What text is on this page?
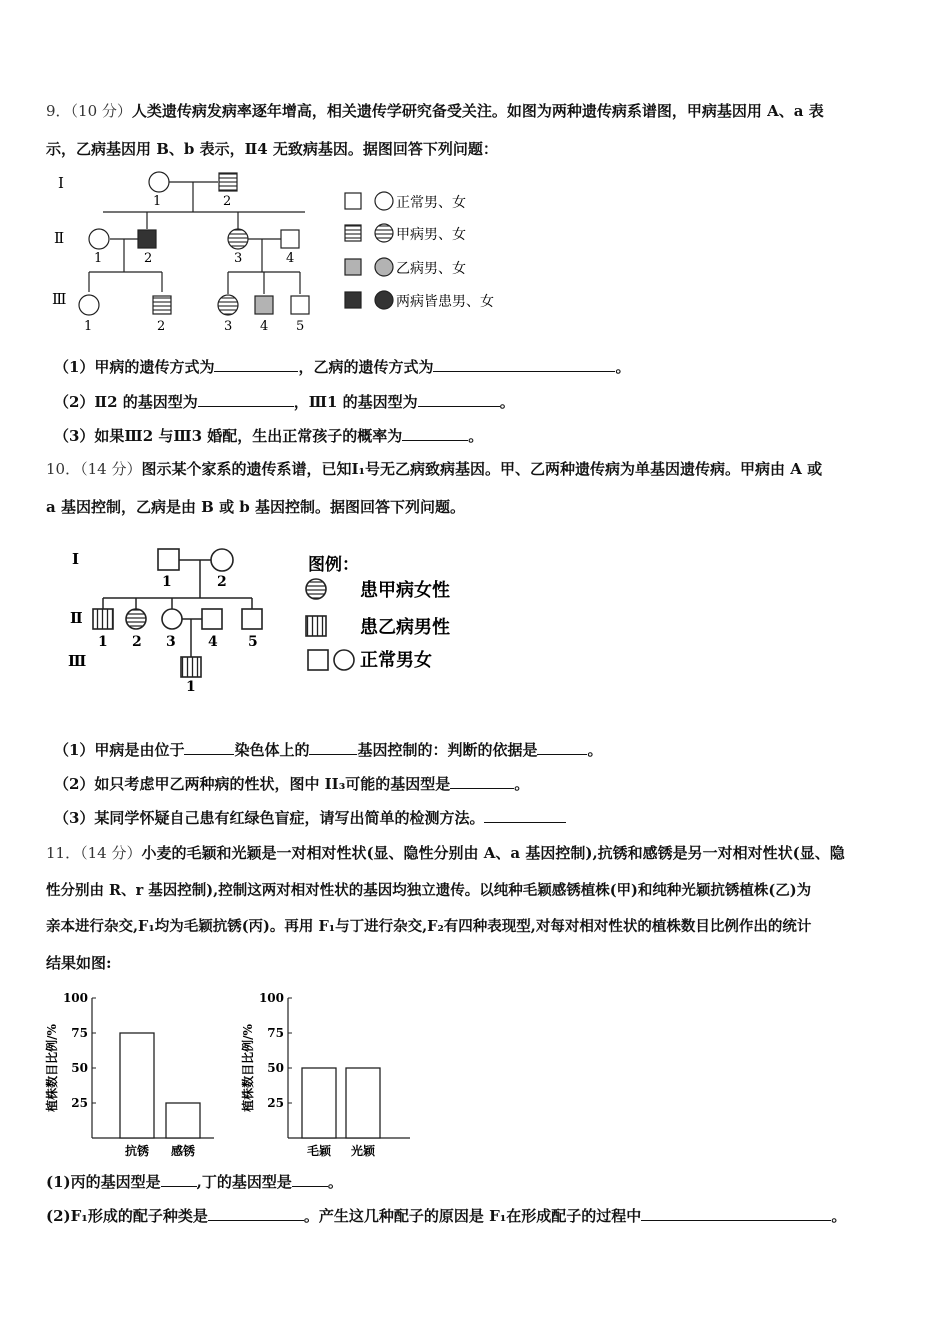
9．（10 分）人类遗传病发病率逐年增高，相关遗传学研究备受关注。如图为两种遗传病系谱图，甲病基因用 A、a 表
示，乙病基因用 B、b 表示，Ⅱ4 无致病基因。据图回答下列问题：
Ⅰ
Ⅱ
Ⅲ
1	2
1	2	3	4
1	2	3 4 5
正常男、女
甲病男、女
乙病男、女
两病皆患男、女
（1）甲病的遗传方式为	，乙病的遗传方式为	。
（2）Ⅱ2 的基因型为	，Ⅲ1 的基因型为	。
（3）如果Ⅲ2 与Ⅲ3 婚配，生出正常孩子的概率为	。
10．（14 分）图示某个家系的遗传系谱，已知Ⅰ₁号无乙病致病基因。甲、乙两种遗传病为单基因遗传病。甲病由 A 或
a 基因控制，乙病是由 B 或 b 基因控制。据图回答下列问题。
Ⅰ
Ⅱ
Ⅲ
1	2
1 2 3 4 5
1
图例：
患甲病女性
患乙病男性
正常男女
（1）甲病是由位于	染色体上的	基因控制的：判断的依据是	。
（2）如只考虑甲乙两种病的性状，图中 II₃可能的基因型是	。
（3）某同学怀疑自己患有红绿色盲症，请写出简单的检测方法。
11．（14 分）小麦的毛颖和光颖是一对相对性状(显、隐性分别由 A、a 基因控制),抗锈和感锈是另一对相对性状(显、隐
性分别由 R、r 基因控制),控制这两对相对性状的基因均独立遗传。以纯种毛颖感锈植株(甲)和纯种光颖抗锈植株(乙)为
亲本进行杂交,F₁均为毛颖抗锈(丙)。再用 F₁与丁进行杂交,F₂有四种表现型,对每对相对性状的植株数目比例作出的统计
结果如图:
植株数目比例/%
100
75
50
25
抗锈 感锈
植株数目比例/%
100
75
50
25
毛颖 光颖
(1)丙的基因型是 ,丁的基因型是 。
(2)F₁形成的配子种类是	。产生这几种配子的原因是 F₁在形成配子的过程中	。
